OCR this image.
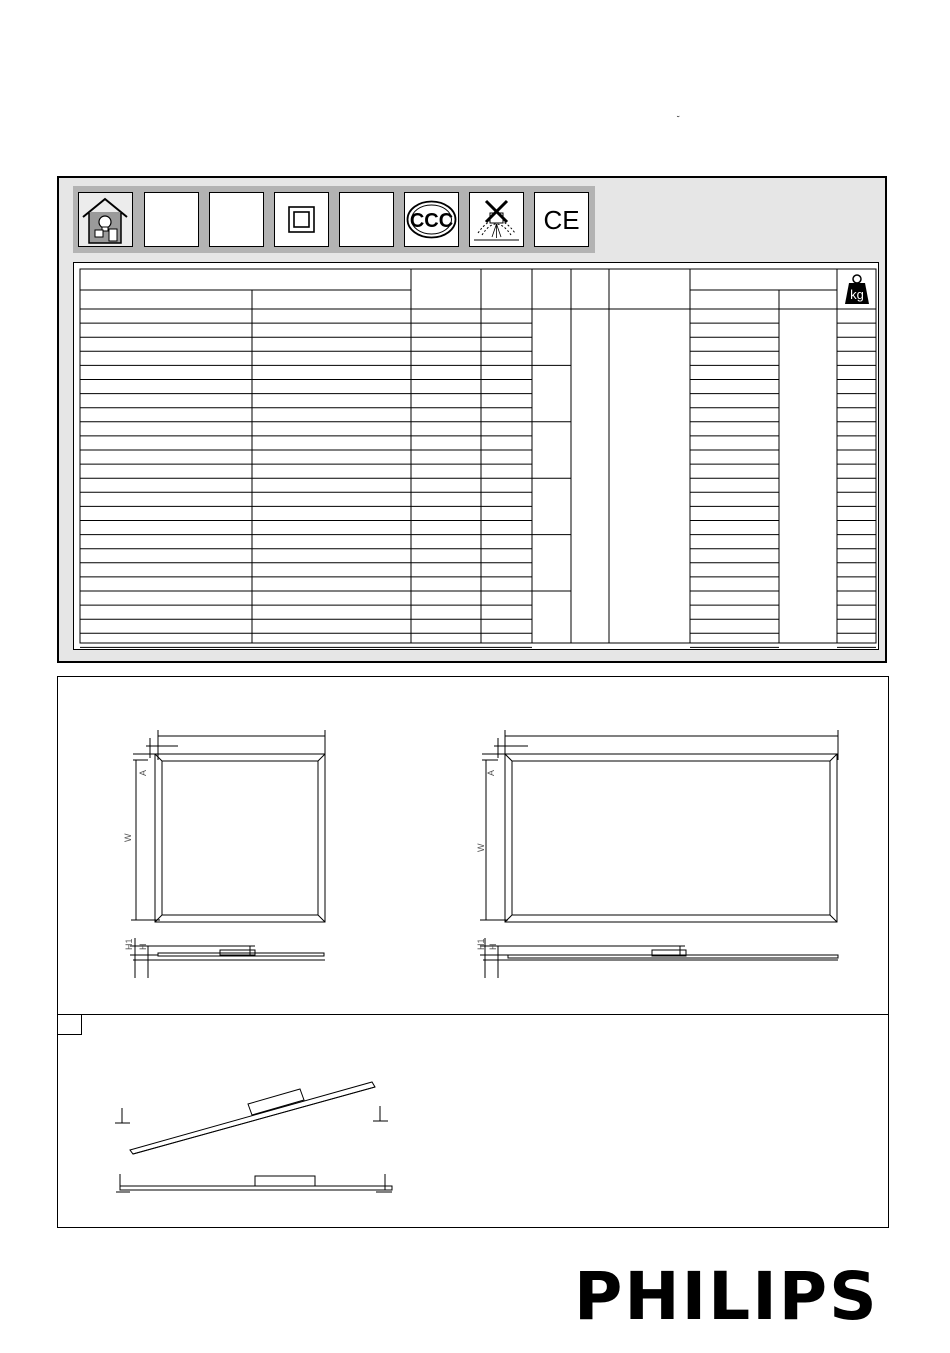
˘
CCC	CE
kg
A
W
H1 H
A
W
H1 H
PHILIPS
